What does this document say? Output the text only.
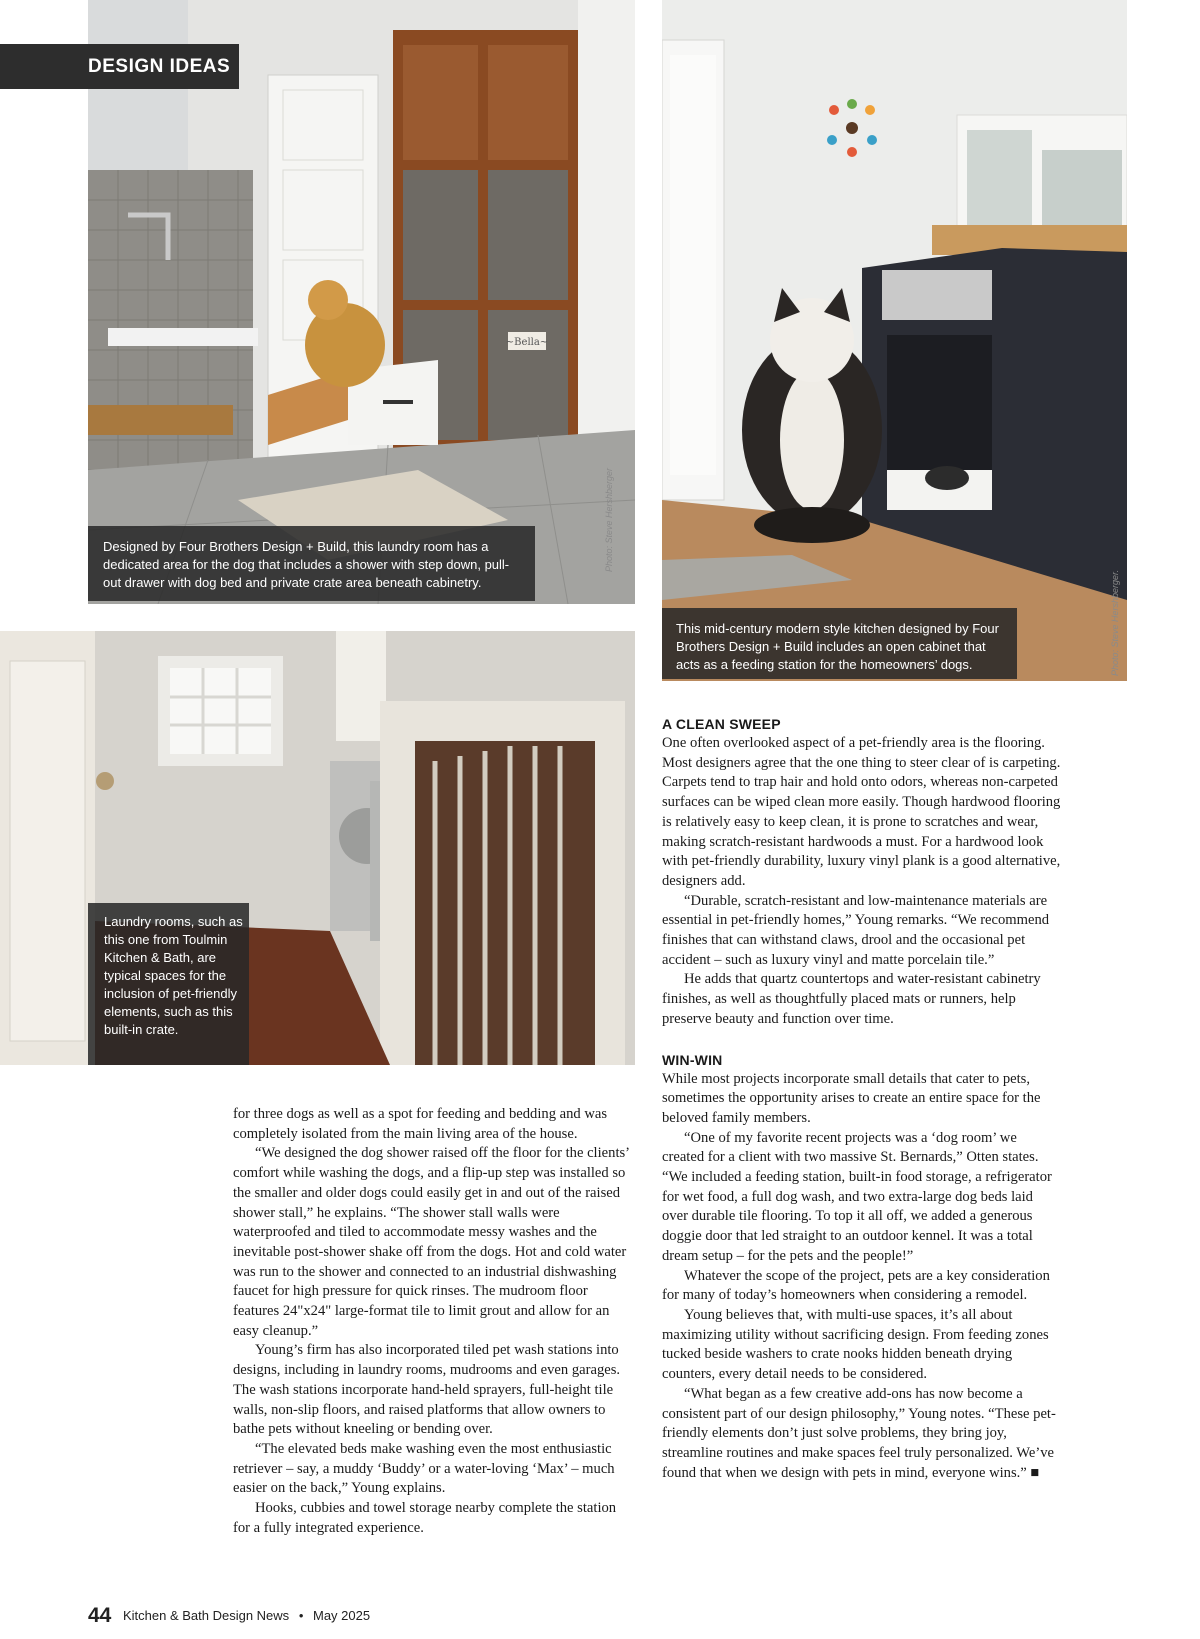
DESIGN IDEAS
~Bella~
Photo: Steve Hershberger
Designed by Four Brothers Design + Build, this laundry room has a dedicated area for the dog that includes a shower with step down, pull-out drawer with dog bed and private crate area beneath cabinetry.	Photo: Steve Hershberger.
This mid-century modern style kitchen designed by Four Brothers Design + Build includes an open cabinet that acts as a feeding station for the homeowners’ dogs.
Laundry rooms, such as this one from Toulmin Kitchen & Bath, are typical spaces for the inclusion of pet-friendly elements, such as this built-in crate.

for three dogs as well as a spot for feeding and bedding and was completely isolated from the main living area of the house.

“We designed the dog shower raised off the floor for the clients’ comfort while washing the dogs, and a flip-up step was installed so the smaller and older dogs could easily get in and out of the raised shower stall,” he explains. “The shower stall walls were waterproofed and tiled to accommodate messy washes and the inevitable post-shower shake off from the dogs. Hot and cold water was run to the shower and connected to an industrial dishwashing faucet for high pressure for quick rinses. The mudroom floor features 24"x24" large-format tile to limit grout and allow for an easy cleanup.”

Young’s firm has also incorporated tiled pet wash stations into designs, including in laundry rooms, mudrooms and even garages. The wash stations incorporate hand-held sprayers, full-height tile walls, non-slip floors, and raised platforms that allow owners to bathe pets without kneeling or bending over.

“The elevated beds make washing even the most enthusiastic retriever – say, a muddy ‘Buddy’ or a water-loving ‘Max’ – much easier on the back,” Young explains.

Hooks, cubbies and towel storage nearby complete the station for a fully integrated experience.

A CLEAN SWEEP

One often overlooked aspect of a pet-friendly area is the flooring. Most designers agree that the one thing to steer clear of is carpeting. Carpets tend to trap hair and hold onto odors, whereas non-carpeted surfaces can be wiped clean more easily. Though hardwood flooring is relatively easy to keep clean, it is prone to scratches and wear, making scratch-resistant hardwoods a must. For a hardwood look with pet-friendly durability, luxury vinyl plank is a good alternative, designers add.

“Durable, scratch-resistant and low-maintenance materials are essential in pet-friendly homes,” Young remarks. “We recommend finishes that can withstand claws, drool and the occasional pet accident – such as luxury vinyl and matte porcelain tile.”

He adds that quartz countertops and water-resistant cabinetry finishes, as well as thoughtfully placed mats or runners, help preserve beauty and function over time.

WIN-WIN

While most projects incorporate small details that cater to pets, sometimes the opportunity arises to create an entire space for the beloved family members.

“One of my favorite recent projects was a ‘dog room’ we created for a client with two massive St. Bernards,” Otten states. “We included a feeding station, built-in food storage, a refrigerator for wet food, a full dog wash, and two extra-large dog beds laid over durable tile flooring. To top it all off, we added a generous doggie door that led straight to an outdoor kennel. It was a total dream setup – for the pets and the people!”

Whatever the scope of the project, pets are a key consideration for many of today’s homeowners when considering a remodel.

Young believes that, with multi-use spaces, it’s all about maximizing utility without sacrificing design. From feeding zones tucked beside washers to crate nooks hidden beneath drying counters, every detail needs to be considered.

“What began as a few creative add-ons has now become a consistent part of our design philosophy,” Young notes. “These pet-friendly elements don’t just solve problems, they bring joy, streamline routines and make spaces feel truly personalized. We’ve found that when we design with pets in mind, everyone wins.” ■

44 Kitchen & Bath Design News • May 2025
